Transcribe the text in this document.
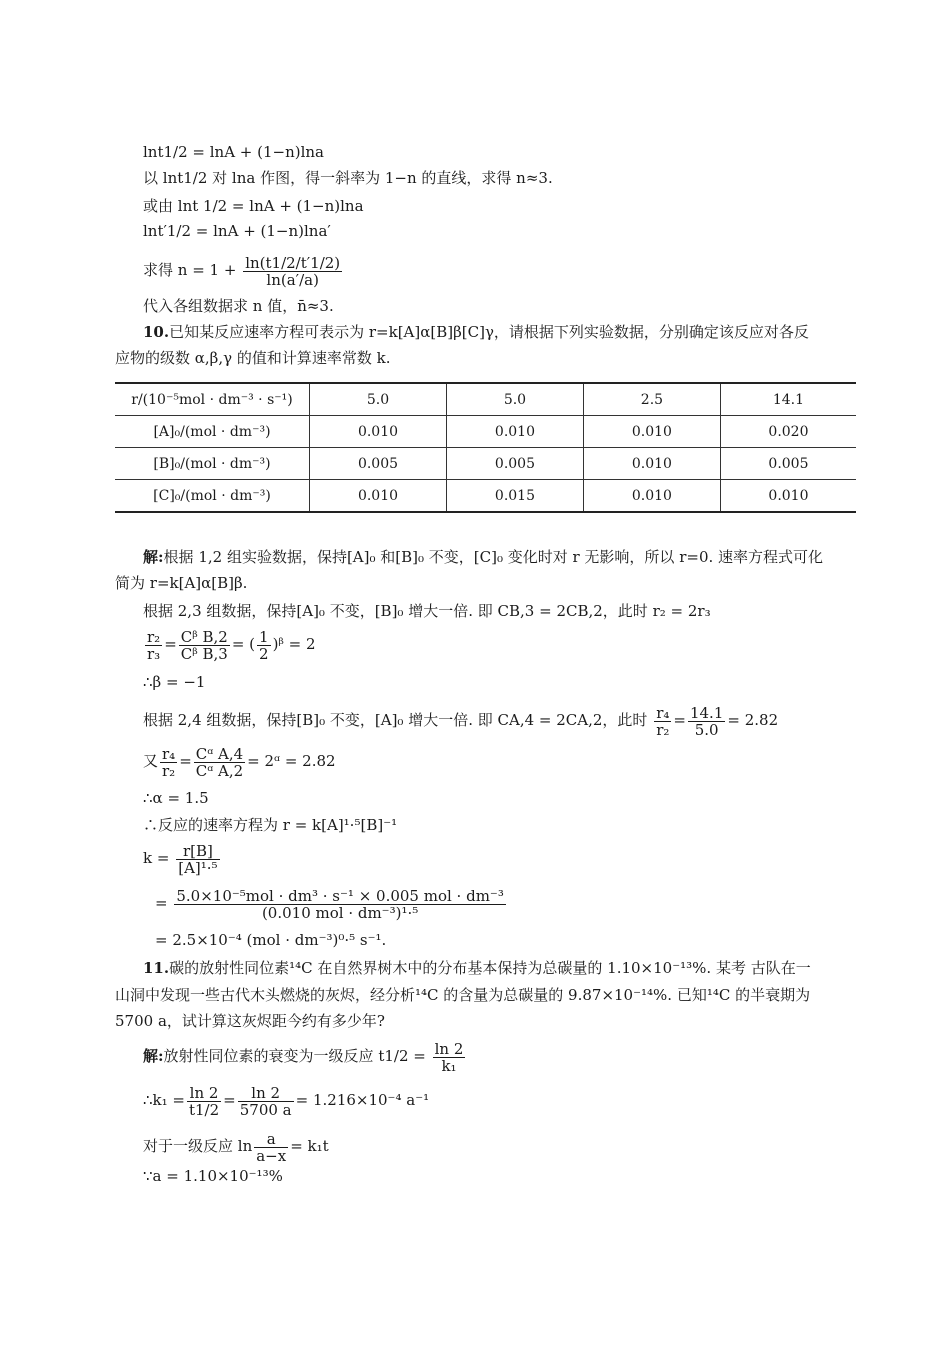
lnt1/2 = lnA + (1−n)lna
以 lnt1/2 对 lna 作图，得一斜率为 1−n 的直线，求得 n≈3.
或由 lnt 1/2 = lnA + (1−n)lna
lnt′1/2 = lnA + (1−n)lna′
求得 $n = 1 + \frac{\ln(t1/2/t'1/2)}{\ln(a'/a)}$
代入各组数据求 n 值，n̄≈3.
10.已知某反应速率方程可表示为 r=k[A]α[B]β[C]γ，请根据下列实验数据，分别确定该反应对各反
应物的级数 α,β,γ 的值和计算速率常数 k.
r/(10⁻⁵mol · dm⁻³ · s⁻¹)	5.0	5.0	2.5	14.1
[A]₀/(mol · dm⁻³)	0.010	0.010	0.010	0.020
[B]₀/(mol · dm⁻³)	0.005	0.005	0.010	0.005
[C]₀/(mol · dm⁻³)	0.010	0.015	0.010	0.010
解:根据 1,2 组实验数据，保持[A]₀ 和[B]₀ 不变，[C]₀ 变化时对 r 无影响，所以 r=0. 速率方程式可化
简为 r=k[A]α[B]β.
根据 2,3 组数据，保持[A]₀ 不变，[B]₀ 增大一倍. 即 CB,3 = 2CB,2，此时 r₂ = 2r₃
$\frac{\text{r₂}}{\text{r₃}} = \frac{\text{Cᵝ B,2}}{\text{Cᵝ B,3}}$ = ( $\frac{1}{2}$ )ᵝ = 2
∴β = −1
根据 2,4 组数据，保持[B]₀ 不变，[A]₀ 增大一倍. 即 CA,4 = 2CA,2，此时 $\frac{\text{r₄}}{\text{r₂}} = \frac{14.1}{5.0} = 2.82$
又 $\frac{\text{r₄}}{\text{r₂}} = \frac{\text{Cᵅ A,4}}{\text{Cᵅ A,2}}$ = 2ᵅ = 2.82
∴α = 1.5
∴反应的速率方程为 r = k[A]¹·⁵[B]⁻¹
$k = \frac{r[B]}{\text{[A]¹·⁵}}$
= $\frac{\text{5.0×10⁻⁵mol · dm³ · s⁻¹ × 0.005 mol · dm⁻³}}{\text{(0.010 mol · dm⁻³)¹·⁵}}$
= 2.5×10⁻⁴ (mol · dm⁻³)⁰·⁵ s⁻¹.
11.碳的放射性同位素¹⁴C 在自然界树木中的分布基本保持为总碳量的 1.10×10⁻¹³%. 某考 古队在一
山洞中发现一些古代木头燃烧的灰烬，经分析¹⁴C 的含量为总碳量的 9.87×10⁻¹⁴%. 已知¹⁴C 的半衰期为
5700 a，试计算这灰烬距今约有多少年?
解:放射性同位素的衰变为一级反应 $t1/2 = \frac{\ln 2}{\text{k₁}}$
∴k₁ = $\frac{\ln 2}{t1/2} = \frac{\ln 2}{5700 a} = 1.216\times 10^{-4}$ a⁻¹
对于一级反应 $\ln \frac{a}{a-x} = k_1t$
∵a = 1.10×10⁻¹³%
